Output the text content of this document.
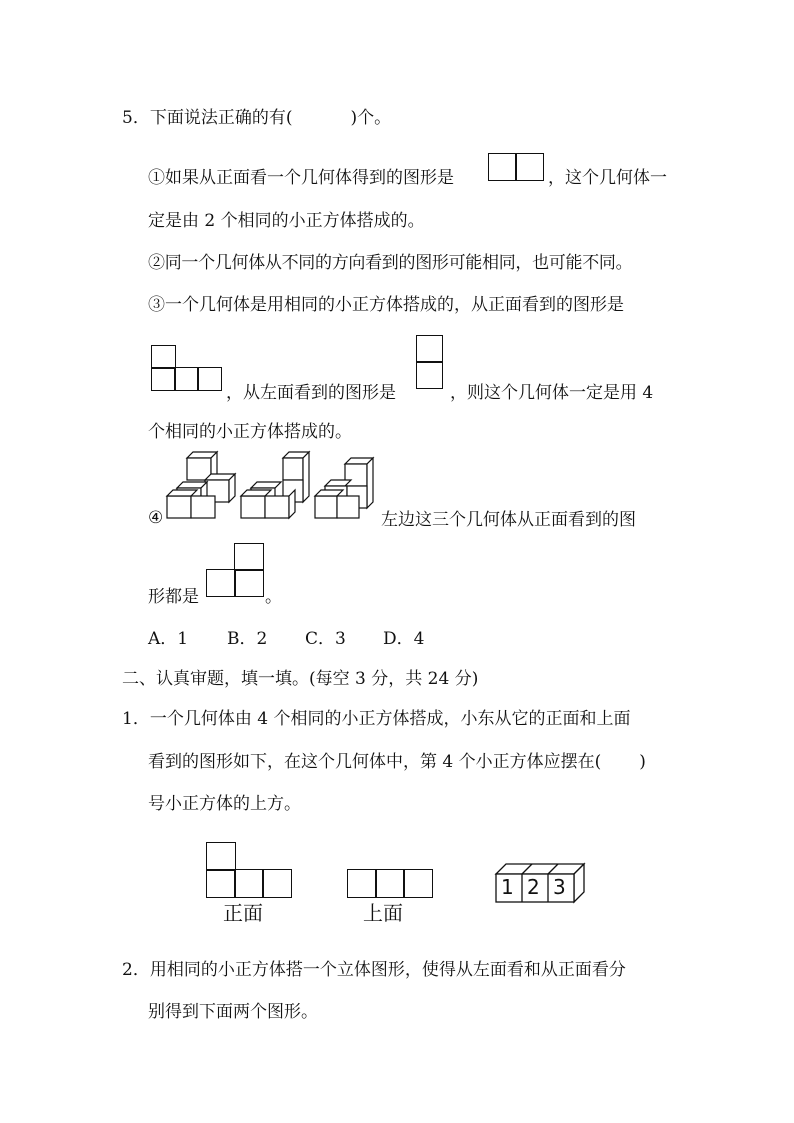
5．下面说法正确的有(	)个。
①如果从正面看一个几何体得到的图形是	，这个几何体一
定是由 2 个相同的小正方体搭成的。
②同一个几何体从不同的方向看到的图形可能相同，也可能不同。
③一个几何体是用相同的小正方体搭成的，从正面看到的图形是
，从左面看到的图形是	，则这个几何体一定是用 4
个相同的小正方体搭成的。
④	左边这三个几何体从正面看到的图
形都是	。
A．1 B．2 C．3 D．4
二、认真审题，填一填。(每空 3 分，共 24 分)
1．一个几何体由 4 个相同的小正方体搭成，小东从它的正面和上面
看到的图形如下，在这个几何体中，第 4 个小正方体应摆在( )
号小正方体的上方。
正面	上面
1 2 3
2．用相同的小正方体搭一个立体图形，使得从左面看和从正面看分
别得到下面两个图形。
